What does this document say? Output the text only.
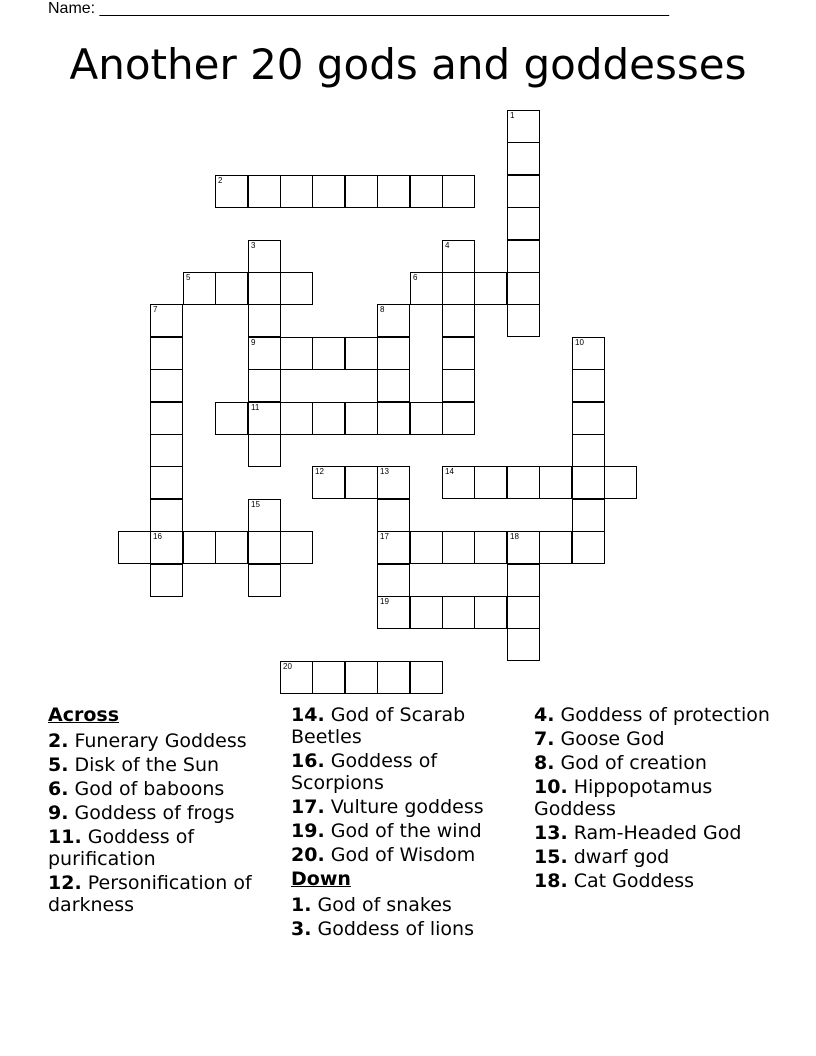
Name: ________________________________________________________________
Another 20 gods and goddesses
1
2
3
9
11
4
5	6
7
16
8
10
12	13
17
19
14
15
18
20
Across
2. Funerary Goddess
5. Disk of the Sun
6. God of baboons
9. Goddess of frogs
11. Goddess of purification
12. Personification of darkness
14. God of Scarab Beetles
16. Goddess of Scorpions
17. Vulture goddess
19. God of the wind
20. God of Wisdom
Down
1. God of snakes
3. Goddess of lions
4. Goddess of protection
7. Goose God
8. God of creation
10. Hippopotamus Goddess
13. Ram-Headed God
15. dwarf god
18. Cat Goddess
